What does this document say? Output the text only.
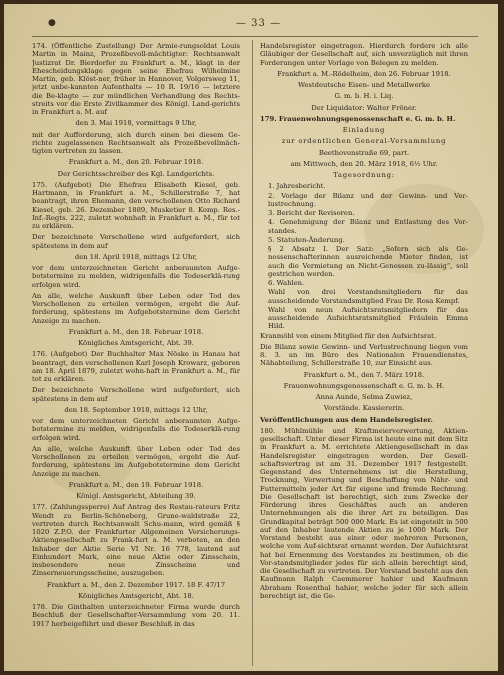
●	— 33 —
174. (Öffentliche Zustellung) Der Armie-rungsoldat Louis Martin in Mainz, Prozeßbevoll-mächtigter: Rechtsanwalt Justizrat Dr. Bierdorfer zu Frankfurt a. M., klagt in der Ehescheidungsklage gegen seine Ehefrau Wilhelmine Martin, geb. Klöst-ner, früher in Hannover, Volgersweg 11, jetzt unbe-kannten Aufenthalts — 10 R. 19/16 — letztere die Be-klagte — zur mündlichen Verhandlung des Rechts-streits vor die Erste Zivilkammer des Königl. Land-gerichts in Frankfurt a. M. auf
den 3. Mai 1918, vormittags 9 Uhr,
mit der Aufforderung, sich durch einen bei diesem Ge-richte zugelassenen Rechtsanwalt als Prozeßbevollmäch-tigten vertreten zu lassen.
Frankfurt a. M., den 20. Februar 1918.
Der Gerichtsschreiber des Kgl. Landgerichts.
175. (Aufgebot) Die Ehefrau Elisabeth Kiesel, geb. Hartmann, in Frankfurt a. M., Schillerstraße 7, hat beantragt, ihren Ehemann, den verschollenen Otto Richard Kiesel, geb. 26. Dezember 1889, Musketier 8. Komp. Res.-Inf.-Regts. 222, zuletzt wohnhaft in Frankfurt a. M., für tot zu erklären.
Der bezeichnete Verschollene wird aufgefordert, sich spätestens in dem auf
den 18. April 1918, mittags 12 Uhr,
vor dem unterzeichneten Gericht anberaumten Aufge-botstermine zu melden, widrigenfalls die Todeserklä-rung erfolgen wird.
An alle, welche Auskunft über Leben oder Tod des Verschollenen zu erteilen vermögen, ergeht die Auf-forderung, spätestens im Aufgebotstermine dem Gericht Anzeige zu machen.
Frankfurt a. M., den 18. Februar 1918.
Königliches Amtsgericht, Abt. 39.
176. (Aufgebot) Der Buchhalter Max Nöske in Hanau hat beantragt, den verschollenen Karl Joseph Krowarz, geboren am 18. April 1879, zuletzt wohn-haft in Frankfurt a. M., für tot zu erklären.
Der bezeichnete Verschollene wird aufgefordert, sich spätestens in dem auf
den 18. September 1918, mittags 12 Uhr,
vor dem unterzeichneten Gericht anberaumten Aufge-botstermine zu melden, widrigenfalls die Todeserklä-rung erfolgen wird.
An alle, welche Auskunft über Leben oder Tod des Verschollenen zu erteilen vermögen, ergeht die Auf-forderung, spätestens im Aufgebotstermine dem Gericht Anzeige zu machen.
Frankfurt a. M., den 19. Februar 1918.
Königl. Amtsgericht, Abteilung 39.
177. (Zahlungssperre) Auf Antrag des Restau-rateurs Fritz Wendt zu Berlin-Schöneberg, Grune-waldstraße 22, vertreten durch Rechtsanwalt Schu-mann, wird gemäß § 1020 Z.P.O. der Frankfurter Allgemeinen Versicherungs-Aktiengesellschaft zu Frank-furt a. M. verboten, an den Inhaber der Aktie Serie VI Nr. 16 778, lautend auf Einhundert Mark, eine neue Aktie oder Zinsschein, insbesondere neue Zinsscheine und Zinserneuerungsscheine, auszugeben.
Frankfurt a. M., den 2. Dezember 1917. 18 F. 47/17
Königliches Amtsgericht, Abt. 18.
178. Die Ginthalten unterzeichneter Firma wurde durch Beschluß der Gesellschafter-Versammlung vom 20. 11. 1917 herbeigeführt und dieser Beschluß in das
Handelsregister eingetragen. Hierdurch fordere ich alle Gläubiger der Gesellschaft auf, sich unverzüglich mit ihren Forderungen unter Vorlage von Belegen zu melden.
Frankfurt a. M.-Rödelheim, den 26. Februar 1918.
Westdeutsche Eisen- und Metallwerke
G. m. b. H. i. Liq.
Der Liquidator: Walter Fröner.
179. Frauenwohnungsgenossenschaft e. G. m. b. H.
Einladung
zur ordentlichen General-Versammlung
Beethovenstraße 69, part.
am Mittwoch, den 20. März 1918, 6½ Uhr.
Tagesordnung:
1. Jahresbericht.
2. Vorlage der Bilanz und der Gewinn- und Ver-lustrechnung.
3. Bericht der Revisoren.
4. Genehmigung der Bilanz und Entlastung des Vor-standes.
5. Statuten-Änderung.
§ 2 Absatz I. Der Satz: „Sofern sich als Ge-nossenschafterinnen ausreichende Mieter finden, ist auch die Vermietung an Nicht-Genossen zu-lässig“, soll gestrichen werden.
6. Wahlen.
Wahl von drei Vorstandsmitgliedern für das ausscheidende Vorstandsmitglied Frau Dr. Rosa Kempf.
Wahl von neun Aufsichtsratsmitgliedern für das ausscheidende Aufsichtsratsmitglied Fräulein Emma Hild.
Kranmöbl von einem Mitglied für den Aufsichtsrat.
Die Bilanz sowie Gewinn- und Verlustrechnung liegen vom 8. 3. an im Büro des Nationalen Frauendienstes, Nähabteilung, Schillerstraße 10, zur Einsicht aus.
Frankfurt a. M., den 7. März 1918.
Frauenwohnungsgenossenschaft e. G. m. b. H.
Anna Aunde, Selma Zuwiez,
Vorstände. Kassiererin.
Veröffentlichungen aus dem Handelsregister.
180. Mühlmühle und Kraftmeierverwertung, Aktien-gesellschaft. Unter dieser Firma ist heute eine mit dem Sitz in Frankfurt a. M. errichtete Aktiengesellschaft in das Handelsregister eingetragen worden. Der Gesell-schaftsvertrag ist am 31. Dezember 1917 festgestellt. Gegenstand des Unternehmens ist die Herstellung, Trocknung, Verwertung und Beschaffung von Nähr- und Futtermitteln jeder Art für eigene und fremde Rechnung. Die Gesellschaft ist berechtigt, sich zum Zwecke der Förderung ihres Geschäftes auch an anderen Unternehmungen als die ihrer Art zu beteiligen. Das Grundkapital beträgt 500 000 Mark. Es ist eingeteilt in 500 auf den Inhaber lautende Aktien zu je 1000 Mark. Der Vorstand besteht aus einer oder mehreren Personen, welche vom Auf-sichtsrat ernannt werden. Der Aufsichtsrat hat bei Ernennung des Vorstandes zu bestimmen, ob die Vor-standsmitglieder jedes für sich allein berechtigt sind, die Gesellschaft zu vertreten. Der Vorstand besteht aus den Kaufmann Ralph Caemmerer hahier und Kaufmann Abraham Rosenthal hahier, welche jeder für sich allein berechtigt ist, die Ge-
